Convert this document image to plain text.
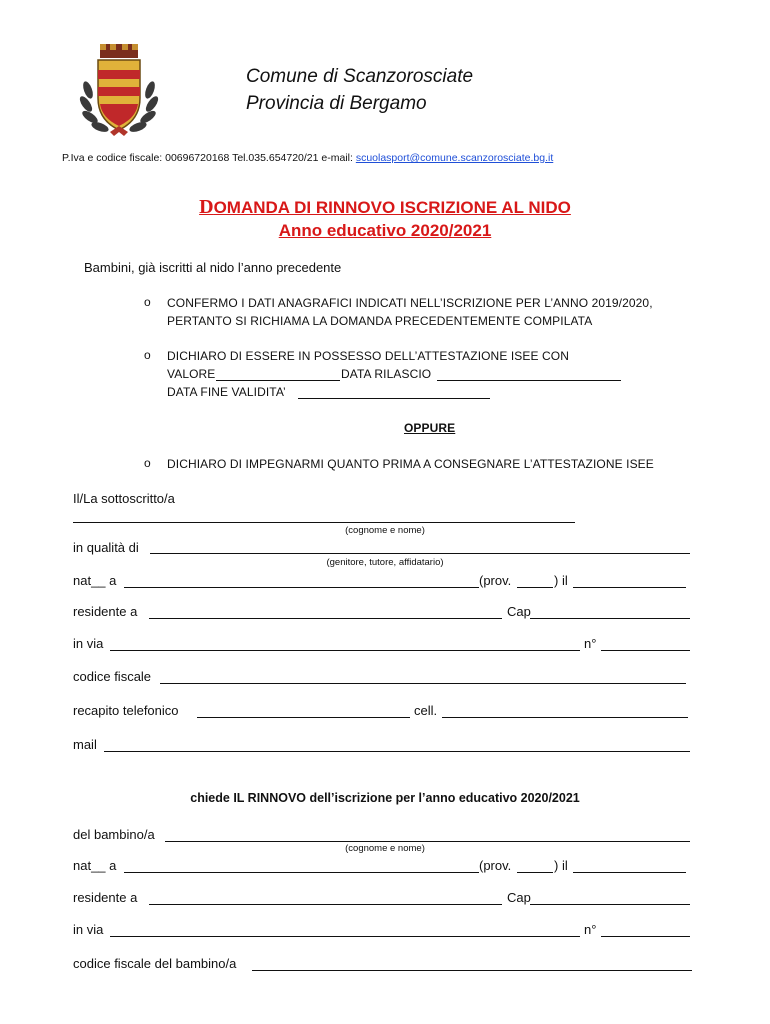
Comune di Scanzorosciate
Provincia di Bergamo
P.Iva e codice fiscale: 00696720168 Tel.035.654720/21 e-mail: scuolasport@comune.scanzorosciate.bg.it
DOMANDA DI RINNOVO ISCRIZIONE AL NIDO
Anno educativo 2020/2021
Bambini, già iscritti al nido l’anno precedente
o CONFERMO I DATI ANAGRAFICI INDICATI NELL’ISCRIZIONE PER L’ANNO 2019/2020,
PERTANTO SI RICHIAMA LA DOMANDA PRECEDENTEMENTE COMPILATA
o DICHIARO DI ESSERE IN POSSESSO DELL’ATTESTAZIONE ISEE CON
VALORE	DATA RILASCIO
DATA FINE VALIDITA’
OPPURE
o DICHIARO DI IMPEGNARMI QUANTO PRIMA A CONSEGNARE L’ATTESTAZIONE ISEE
Il/La sottoscritto/a
(cognome e nome)
in qualità di
(genitore, tutore, affidatario)
nat__ a	(prov.	) il
residente a	Cap
in via	n°
codice fiscale
recapito telefonico	cell.
mail
chiede IL RINNOVO dell’iscrizione per l’anno educativo 2020/2021
del bambino/a
(cognome e nome)
nat__ a	(prov.	) il
residente a	Cap
in via	n°
codice fiscale del bambino/a
